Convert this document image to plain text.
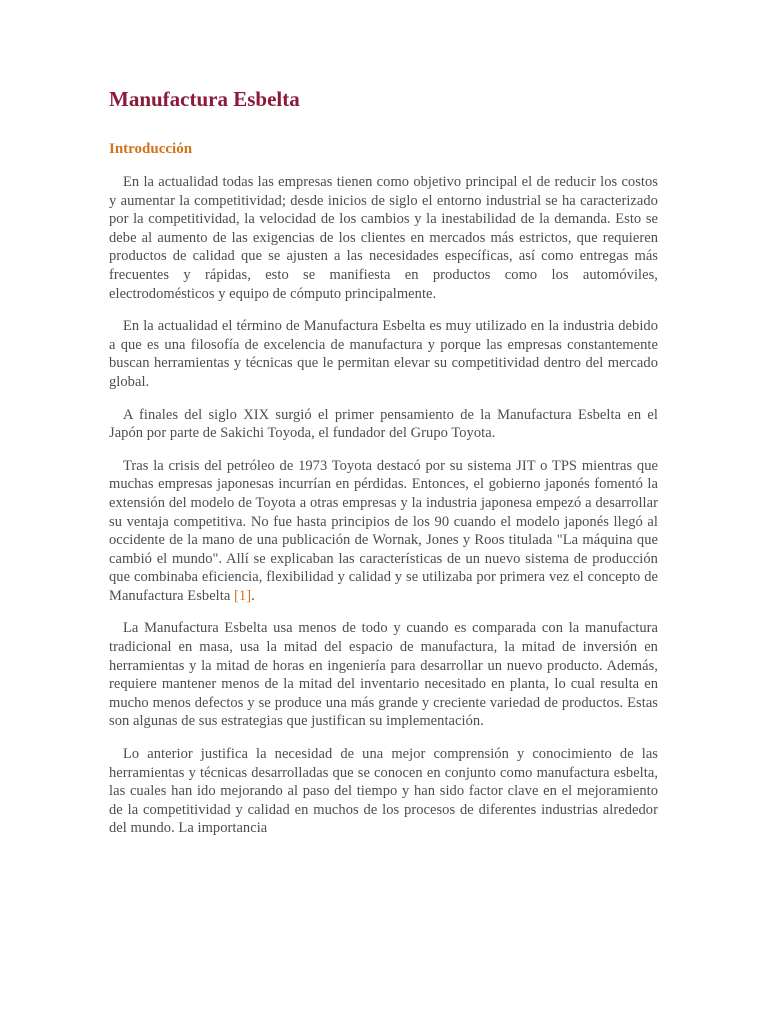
Manufactura Esbelta
Introducción

En la actualidad todas las empresas tienen como objetivo principal el de reducir los costos y aumentar la competitividad; desde inicios de siglo el entorno industrial se ha caracterizado por la competitividad, la velocidad de los cambios y la inestabilidad de la demanda. Esto se debe al aumento de las exigencias de los clientes en mercados más estrictos, que requieren productos de calidad que se ajusten a las necesidades específicas, así como entregas más frecuentes y rápidas, esto se manifiesta en productos como los automóviles, electrodomésticos y equipo de cómputo principalmente.

En la actualidad el término de Manufactura Esbelta es muy utilizado en la industria debido a que es una filosofía de excelencia de manufactura y porque las empresas constantemente buscan herramientas y técnicas que le permitan elevar su competitividad dentro del mercado global.

A finales del siglo XIX surgió el primer pensamiento de la Manufactura Esbelta en el Japón por parte de Sakichi Toyoda, el fundador del Grupo Toyota.

Tras la crisis del petróleo de 1973 Toyota destacó por su sistema JIT o TPS mientras que muchas empresas japonesas incurrían en pérdidas. Entonces, el gobierno japonés fomentó la extensión del modelo de Toyota a otras empresas y la industria japonesa empezó a desarrollar su ventaja competitiva. No fue hasta principios de los 90 cuando el modelo japonés llegó al occidente de la mano de una publicación de Wornak, Jones y Roos titulada "La máquina que cambió el mundo". Allí se explicaban las características de un nuevo sistema de producción que combinaba eficiencia, flexibilidad y calidad y se utilizaba por primera vez el concepto de Manufactura Esbelta [1].

La Manufactura Esbelta usa menos de todo y cuando es comparada con la manufactura tradicional en masa, usa la mitad del espacio de manufactura, la mitad de inversión en herramientas y la mitad de horas en ingeniería para desarrollar un nuevo producto. Además, requiere mantener menos de la mitad del inventario necesitado en planta, lo cual resulta en mucho menos defectos y se produce una más grande y creciente variedad de productos. Estas son algunas de sus estrategias que justifican su implementación.

Lo anterior justifica la necesidad de una mejor comprensión y conocimiento de las herramientas y técnicas desarrolladas que se conocen en conjunto como manufactura esbelta, las cuales han ido mejorando al paso del tiempo y han sido factor clave en el mejoramiento de la competitividad y calidad en muchos de los procesos de diferentes industrias alrededor del mundo. La importancia
